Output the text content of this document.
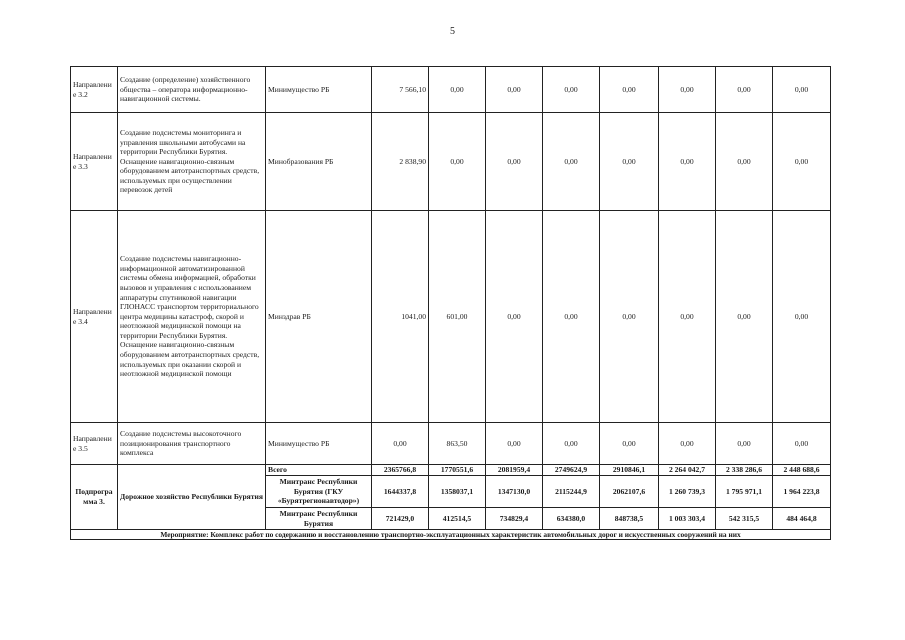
5
Направлени е 3.2	Создание (определение) хозяйственного общества – оператора информационно-навигационной системы.	Минимущество РБ	7 566,10	0,00	0,00	0,00	0,00	0,00	0,00	0,00
Направлени е 3.3	Создание подсистемы мониторинга и управления школьными автобусами на территории Республики Бурятия. Оснащение навигационно-связным оборудованием автотранспортных средств, используемых при осуществлении перевозок детей	Минобразования РБ	2 838,90	0,00	0,00	0,00	0,00	0,00	0,00	0,00
Направлени е 3.4	Создание подсистемы навигационно-информационной автоматизированной системы обмена информацией, обработки вызовов и управления с использованием аппаратуры спутниковой навигации ГЛОНАСС транспортом территориального центра медицины катастроф, скорой и неотложной медицинской помощи на территории Республики Бурятия. Оснащение навигационно-связным оборудованием автотранспортных средств, используемых при оказании скорой и неотложной медицинской помощи	Минздрав РБ	1041,00	601,00	0,00	0,00	0,00	0,00	0,00	0,00
Направлени е 3.5	Создание подсистемы высокоточного позиционирования транспортного комплекса	Минимущество РБ	0,00	863,50	0,00	0,00	0,00	0,00	0,00	0,00
Подпрогра мма 3.	Дорожное хозяйство Республики Бурятия	Всего	2365766,8	1770551,6	2081959,4	2749624,9	2910846,1	2 264 042,7	2 338 286,6	2 448 688,6
		Минтранс Республики Бурятия (ГКУ «Бурятрегионавтодор»)	1644337,8	1358037,1	1347130,0	2115244,9	2062107,6	1 260 739,3	1 795 971,1	1 964 223,8
		Минтранс Республики Бурятия	721429,0	412514,5	734829,4	634380,0	848738,5	1 003 303,4	542 315,5	484 464,8
Мероприятие: Комплекс работ по содержанию и восстановлению транспортно-эксплуатационных характеристик автомобильных дорог и искусственных сооружений на них										
